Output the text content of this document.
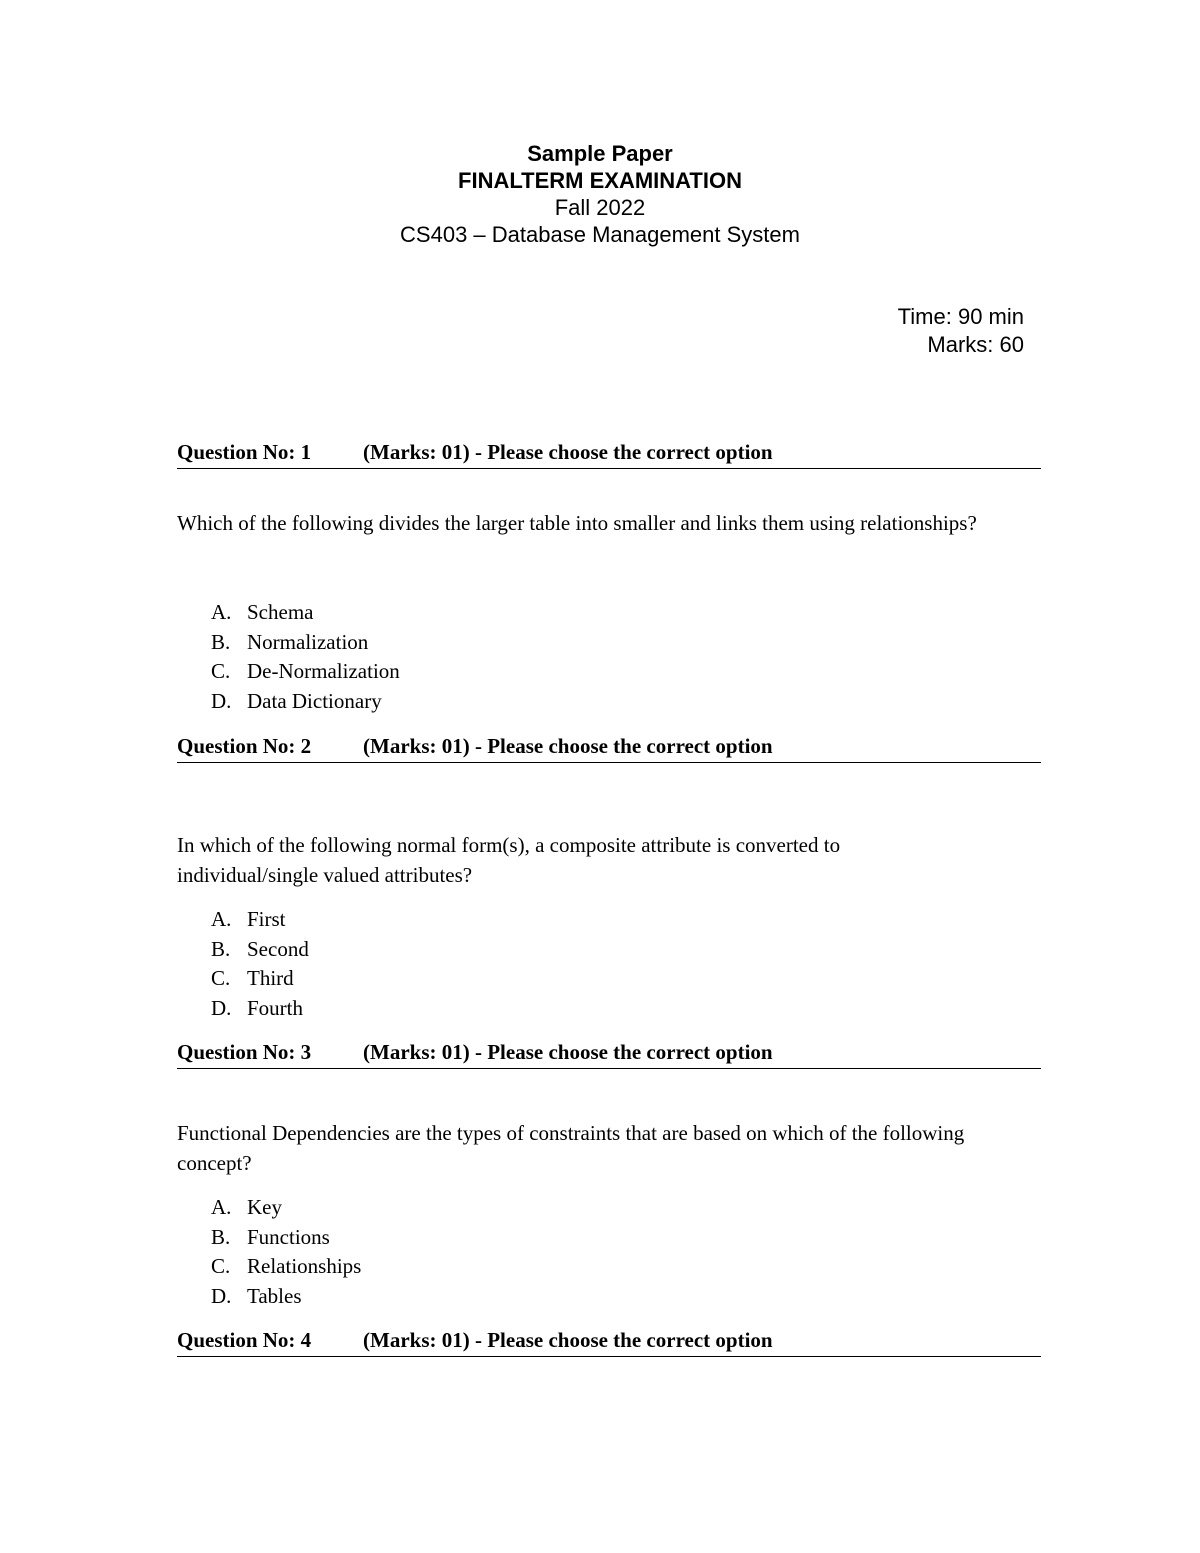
Sample Paper
FINALTERM EXAMINATION
Fall 2022
CS403 – Database Management System
Time: 90 min
Marks: 60
Question No: 1 (Marks: 01) - Please choose the correct option
Which of the following divides the larger table into smaller and links them using relationships?
A. Schema
B. Normalization
C. De-Normalization
D. Data Dictionary
Question No: 2 (Marks: 01) - Please choose the correct option
In which of the following normal form(s), a composite attribute is converted to individual/single valued attributes?
A. First
B. Second
C. Third
D. Fourth
Question No: 3 (Marks: 01) - Please choose the correct option
Functional Dependencies are the types of constraints that are based on which of the following concept?
A. Key
B. Functions
C. Relationships
D. Tables
Question No: 4 (Marks: 01) - Please choose the correct option
